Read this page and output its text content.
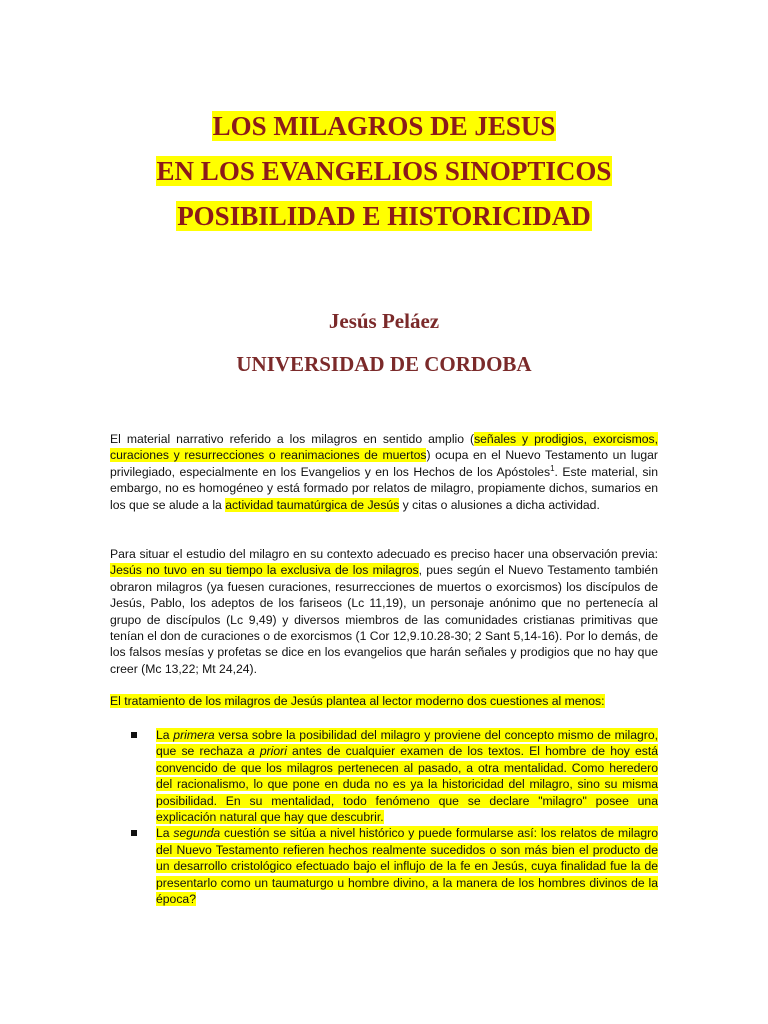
LOS MILAGROS DE JESUS
EN LOS EVANGELIOS SINOPTICOS
POSIBILIDAD E HISTORICIDAD
Jesús Peláez
UNIVERSIDAD DE CORDOBA
El material narrativo referido a los milagros en sentido amplio (señales y prodigios, exorcismos, curaciones y resurrecciones o reanimaciones de muertos) ocupa en el Nuevo Testamento un lugar privilegiado, especialmente en los Evangelios y en los Hechos de los Apóstoles$^1$. Este material, sin embargo, no es homogéneo y está formado por relatos de milagro, propiamente dichos, sumarios en los que se alude a la actividad taumatúrgica de Jesús y citas o alusiones a dicha actividad.
Para situar el estudio del milagro en su contexto adecuado es preciso hacer una observación previa: Jesús no tuvo en su tiempo la exclusiva de los milagros, pues según el Nuevo Testamento también obraron milagros (ya fuesen curaciones, resurrecciones de muertos o exorcismos) los discípulos de Jesús, Pablo, los adeptos de los fariseos (Lc 11,19), un personaje anónimo que no pertenecía al grupo de discípulos (Lc 9,49) y diversos miembros de las comunidades cristianas primitivas que tenían el don de curaciones o de exorcismos (1 Cor 12,9.10.28-30; 2 Sant 5,14-16). Por lo demás, de los falsos mesías y profetas se dice en los evangelios que harán señales y prodigios que no hay que creer (Mc 13,22; Mt 24,24).
El tratamiento de los milagros de Jesús plantea al lector moderno dos cuestiones al menos:
La primera versa sobre la posibilidad del milagro y proviene del concepto mismo de milagro, que se rechaza a priori antes de cualquier examen de los textos. El hombre de hoy está convencido de que los milagros pertenecen al pasado, a otra mentalidad. Como heredero del racionalismo, lo que pone en duda no es ya la historicidad del milagro, sino su misma posibilidad. En su mentalidad, todo fenómeno que se declare "milagro" posee una explicación natural que hay que descubrir.
La segunda cuestión se sitúa a nivel histórico y puede formularse así: los relatos de milagro del Nuevo Testamento refieren hechos realmente sucedidos o son más bien el producto de un desarrollo cristológico efectuado bajo el influjo de la fe en Jesús, cuya finalidad fue la de presentarlo como un taumaturgo u hombre divino, a la manera de los hombres divinos de la época?
